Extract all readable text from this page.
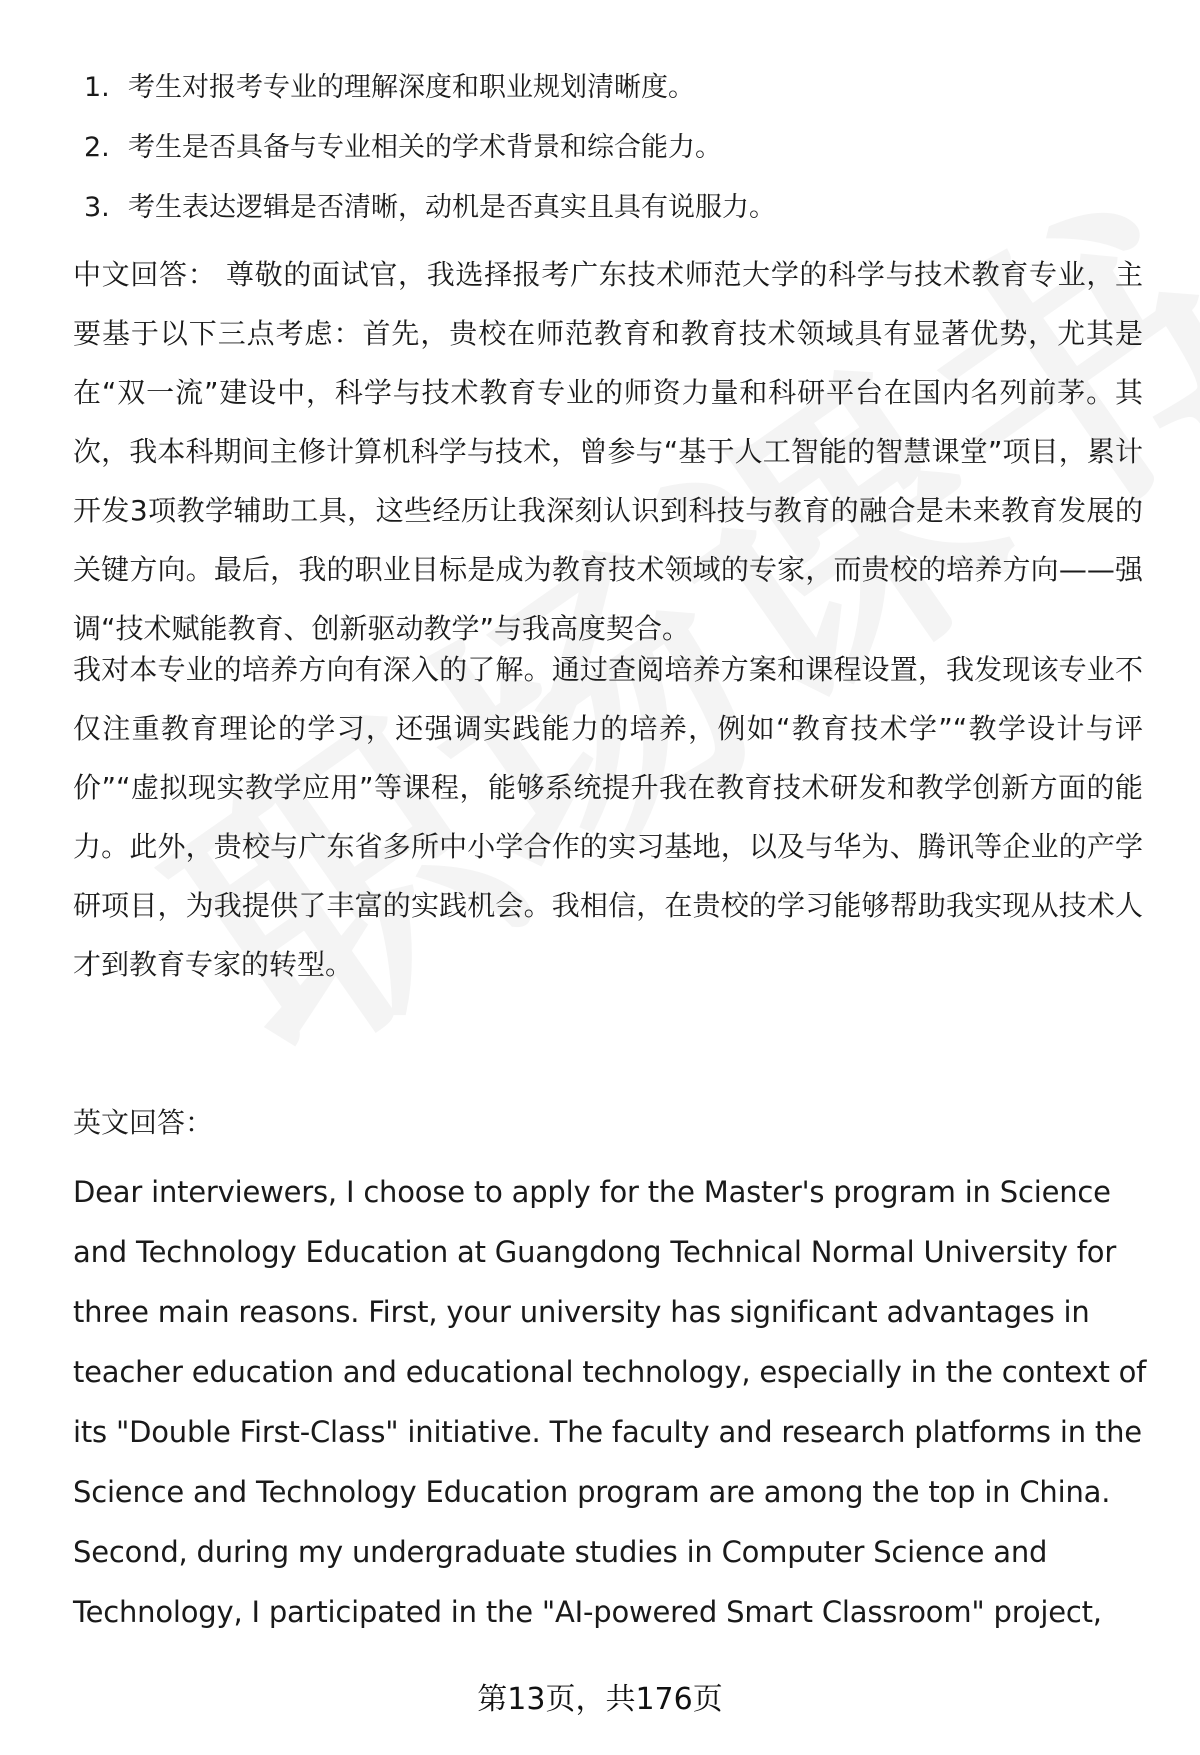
1. 考生对报考专业的理解深度和职业规划清晰度。
2. 考生是否具备与专业相关的学术背景和综合能力。
3. 考生表达逻辑是否清晰，动机是否真实且具有说服力。

中文回答： 尊敬的面试官，我选择报考广东技术师范大学的科学与技术教育专业，主要基于以下三点考虑：首先，贵校在师范教育和教育技术领域具有显著优势，尤其是在“双一流”建设中，科学与技术教育专业的师资力量和科研平台在国内名列前茅。其次，我本科期间主修计算机科学与技术，曾参与“基于人工智能的智慧课堂”项目，累计开发3项教学辅助工具，这些经历让我深刻认识到科技与教育的融合是未来教育发展的关键方向。最后，我的职业目标是成为教育技术领域的专家，而贵校的培养方向——强调“技术赋能教育、创新驱动教学”与我高度契合。

我对本专业的培养方向有深入的了解。通过查阅培养方案和课程设置，我发现该专业不仅注重教育理论的学习，还强调实践能力的培养，例如“教育技术学”“教学设计与评价”“虚拟现实教学应用”等课程，能够系统提升我在教育技术研发和教学创新方面的能力。此外，贵校与广东省多所中小学合作的实习基地，以及与华为、腾讯等企业的产学研项目，为我提供了丰富的实践机会。我相信，在贵校的学习能够帮助我实现从技术人才到教育专家的转型。

英文回答：

Dear interviewers, I choose to apply for the Master's program in Science and Technology Education at Guangdong Technical Normal University for three main reasons. First, your university has significant advantages in teacher education and educational technology, especially in the context of its "Double First-Class" initiative. The faculty and research platforms in the Science and Technology Education program are among the top in China. Second, during my undergraduate studies in Computer Science and Technology, I participated in the "AI-powered Smart Classroom" project,

第13页，共176页
